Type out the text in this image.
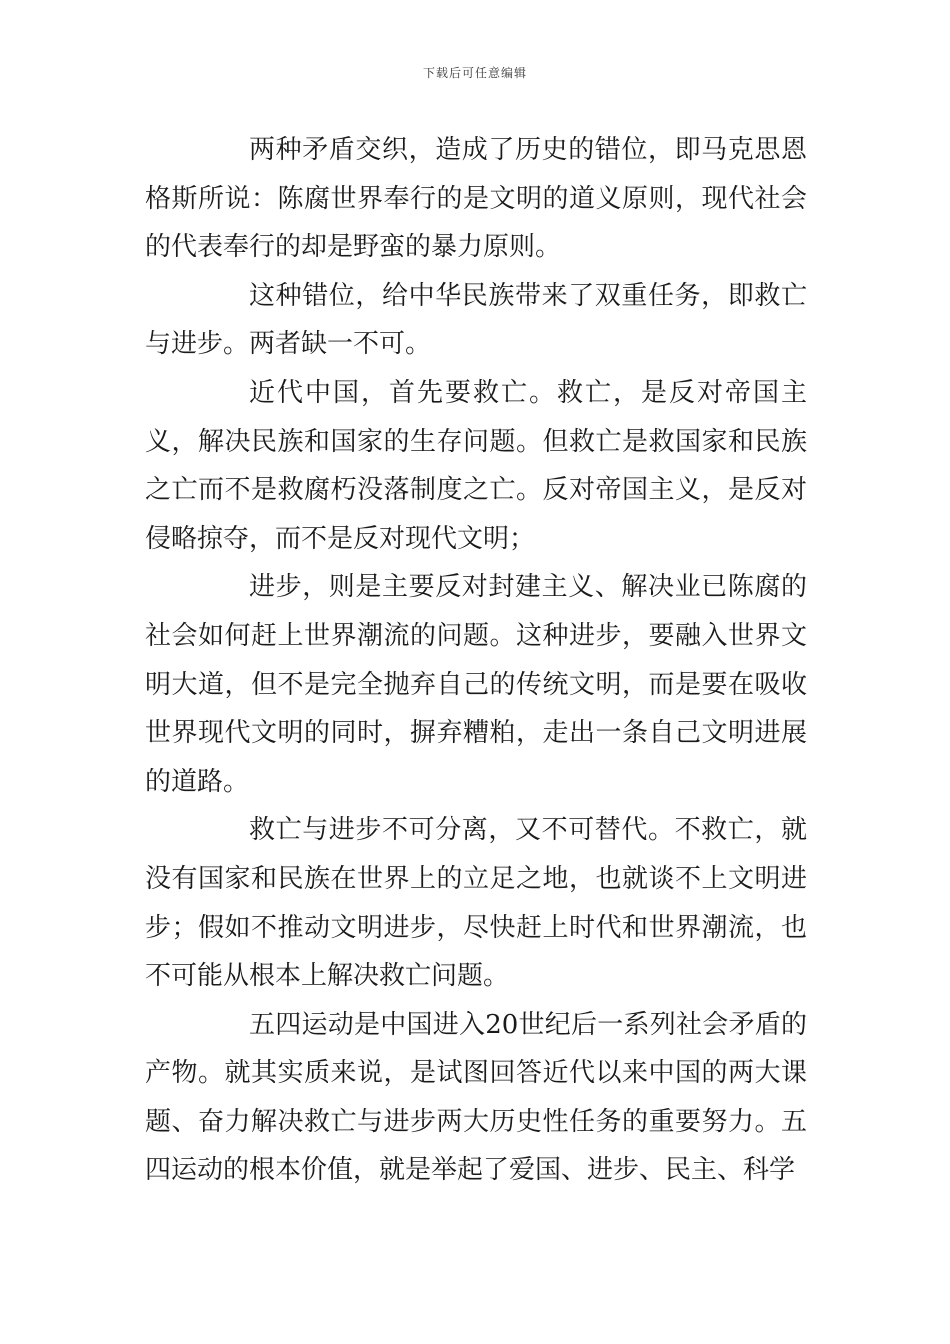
下载后可任意编辑

两种矛盾交织，造成了历史的错位，即马克思恩格斯所说：陈腐世界奉行的是文明的道义原则，现代社会的代表奉行的却是野蛮的暴力原则。

这种错位，给中华民族带来了双重任务，即救亡与进步。两者缺一不可。

近代中国，首先要救亡。救亡，是反对帝国主义，解决民族和国家的生存问题。但救亡是救国家和民族之亡而不是救腐朽没落制度之亡。反对帝国主义，是反对侵略掠夺，而不是反对现代文明；

进步，则是主要反对封建主义、解决业已陈腐的社会如何赶上世界潮流的问题。这种进步，要融入世界文明大道，但不是完全抛弃自己的传统文明，而是要在吸收世界现代文明的同时，摒弃糟粕，走出一条自己文明进展的道路。

救亡与进步不可分离，又不可替代。不救亡，就没有国家和民族在世界上的立足之地，也就谈不上文明进步；假如不推动文明进步，尽快赶上时代和世界潮流，也不可能从根本上解决救亡问题。

五四运动是中国进入20世纪后一系列社会矛盾的产物。就其实质来说，是试图回答近代以来中国的两大课题、奋力解决救亡与进步两大历史性任务的重要努力。五四运动的根本价值，就是举起了爱国、进步、民主、科学
